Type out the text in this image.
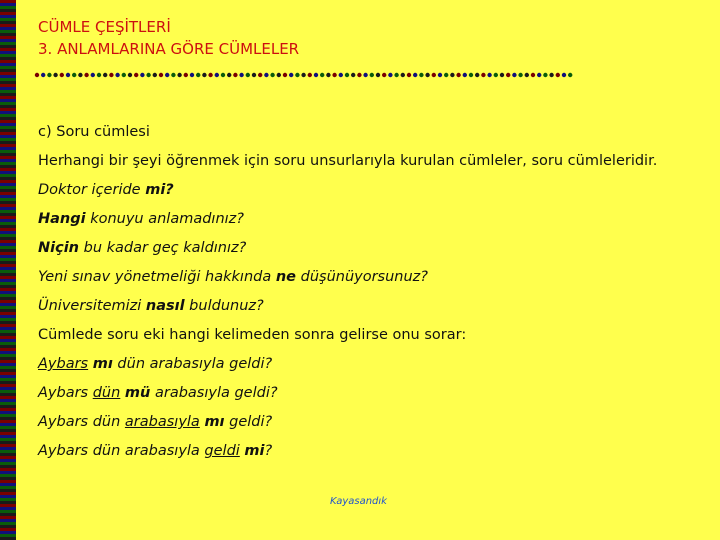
CÜMLE ÇEŞİTLERİ
3. ANLAMLARINA GÖRE CÜMLELER
c) Soru cümlesi
Herhangi bir şeyi öğrenmek için soru unsurlarıyla kurulan cümleler, soru cümleleridir.
Doktor içeride mi?
Hangi konuyu anlamadınız?
Niçin bu kadar geç kaldınız?
Yeni sınav yönetmeliği hakkında ne düşünüyorsunuz?
Üniversitemizi nasıl buldunuz?
Cümlede soru eki hangi kelimeden sonra gelirse onu sorar:
Aybars mı dün arabasıyla geldi?
Aybars dün mü arabasıyla geldi?
Aybars dün arabasıyla mı geldi?
Aybars dün arabasıyla geldi mi?
Kayasandık
